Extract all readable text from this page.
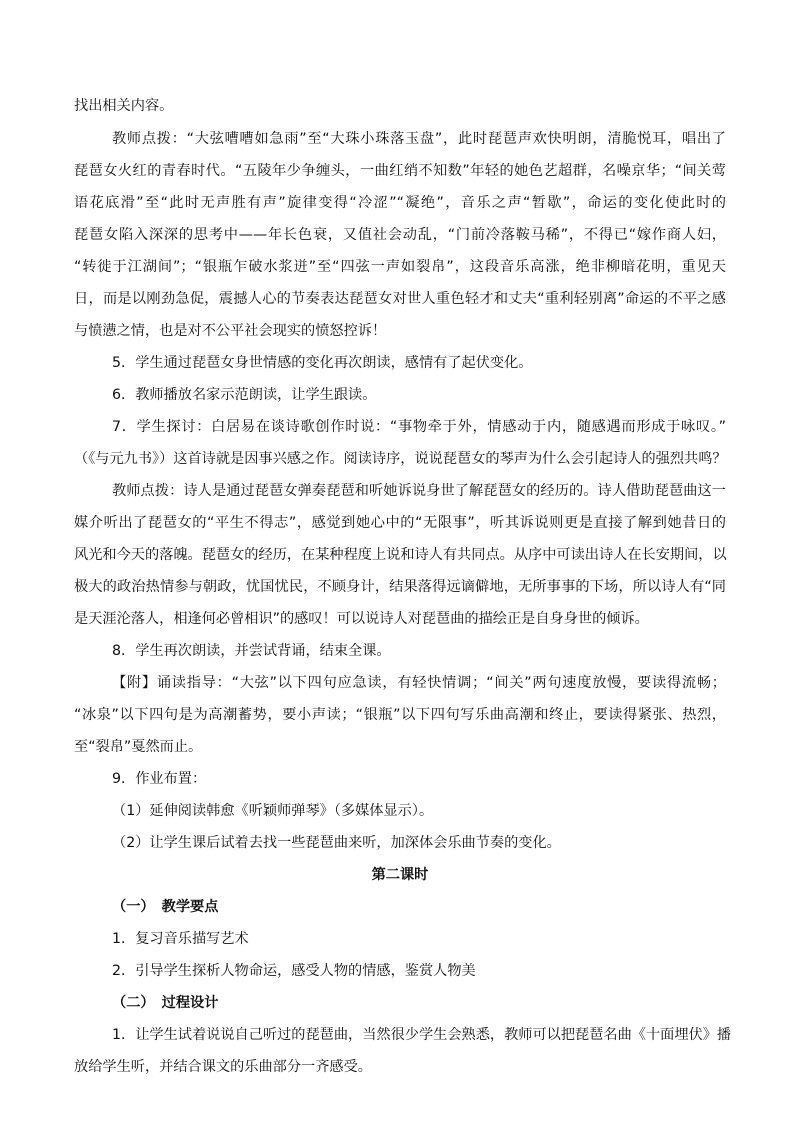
找出相关内容。
教师点拨：“大弦嘈嘈如急雨”至“大珠小珠落玉盘”，此时琵琶声欢快明朗，清脆悦耳，唱出了
琵琶女火红的青春时代。“五陵年少争缠头，一曲红绡不知数”年轻的她色艺超群，名噪京华；“间关莺
语花底滑”至“此时无声胜有声”旋律变得“冷涩”“凝绝”，音乐之声“暂歇”，命运的变化使此时的
琵琶女陷入深深的思考中——年长色衰，又值社会动乱，“门前冷落鞍马稀”，不得已“嫁作商人妇，
“转徙于江湖间”；“银瓶乍破水浆迸”至“四弦一声如裂帛”，这段音乐高涨，绝非柳暗花明，重见天
日，而是以刚劲急促，震撼人心的节奏表达琵琶女对世人重色轻才和丈夫“重利轻别离”命运的不平之感
与愤懑之情，也是对不公平社会现实的愤怒控诉！
5．学生通过琵琶女身世情感的变化再次朗读，感情有了起伏变化。
6．教师播放名家示范朗读，让学生跟读。
7．学生探讨：白居易在谈诗歌创作时说：“事物牵于外，情感动于内，随感遇而形成于咏叹。”
（《与元九书》）这首诗就是因事兴感之作。阅读诗序，说说琵琶女的琴声为什么会引起诗人的强烈共鸣？
教师点拨：诗人是通过琵琶女弹奏琵琶和听她诉说身世了解琵琶女的经历的。诗人借助琵琶曲这一
媒介听出了琵琶女的“平生不得志”，感觉到她心中的“无限事”，听其诉说则更是直接了解到她昔日的
风光和今天的落魄。琵琶女的经历，在某种程度上说和诗人有共同点。从序中可读出诗人在长安期间，以
极大的政治热情参与朝政，忧国忧民，不顾身计，结果落得远谪僻地，无所事事的下场，所以诗人有“同
是天涯沦落人，相逢何必曾相识”的感叹！可以说诗人对琵琶曲的描绘正是自身身世的倾诉。
8．学生再次朗读，并尝试背诵，结束全课。
【附】诵读指导：“大弦”以下四句应急读，有轻快情调；“间关”两句速度放慢，要读得流畅；
“冰泉”以下四句是为高潮蓄势，要小声读；“银瓶”以下四句写乐曲高潮和终止，要读得紧张、热烈，
至“裂帛”戛然而止。
9．作业布置：
（1）延伸阅读韩愈《听颖师弹琴》（多媒体显示）。
（2）让学生课后试着去找一些琵琶曲来听，加深体会乐曲节奏的变化。
第二课时
（一）　教学要点
1．复习音乐描写艺术
2．引导学生探析人物命运，感受人物的情感，鉴赏人物美
（二）　过程设计
1．让学生试着说说自己听过的琵琶曲，当然很少学生会熟悉，教师可以把琵琶名曲《十面埋伏》播
放给学生听，并结合课文的乐曲部分一齐感受。
